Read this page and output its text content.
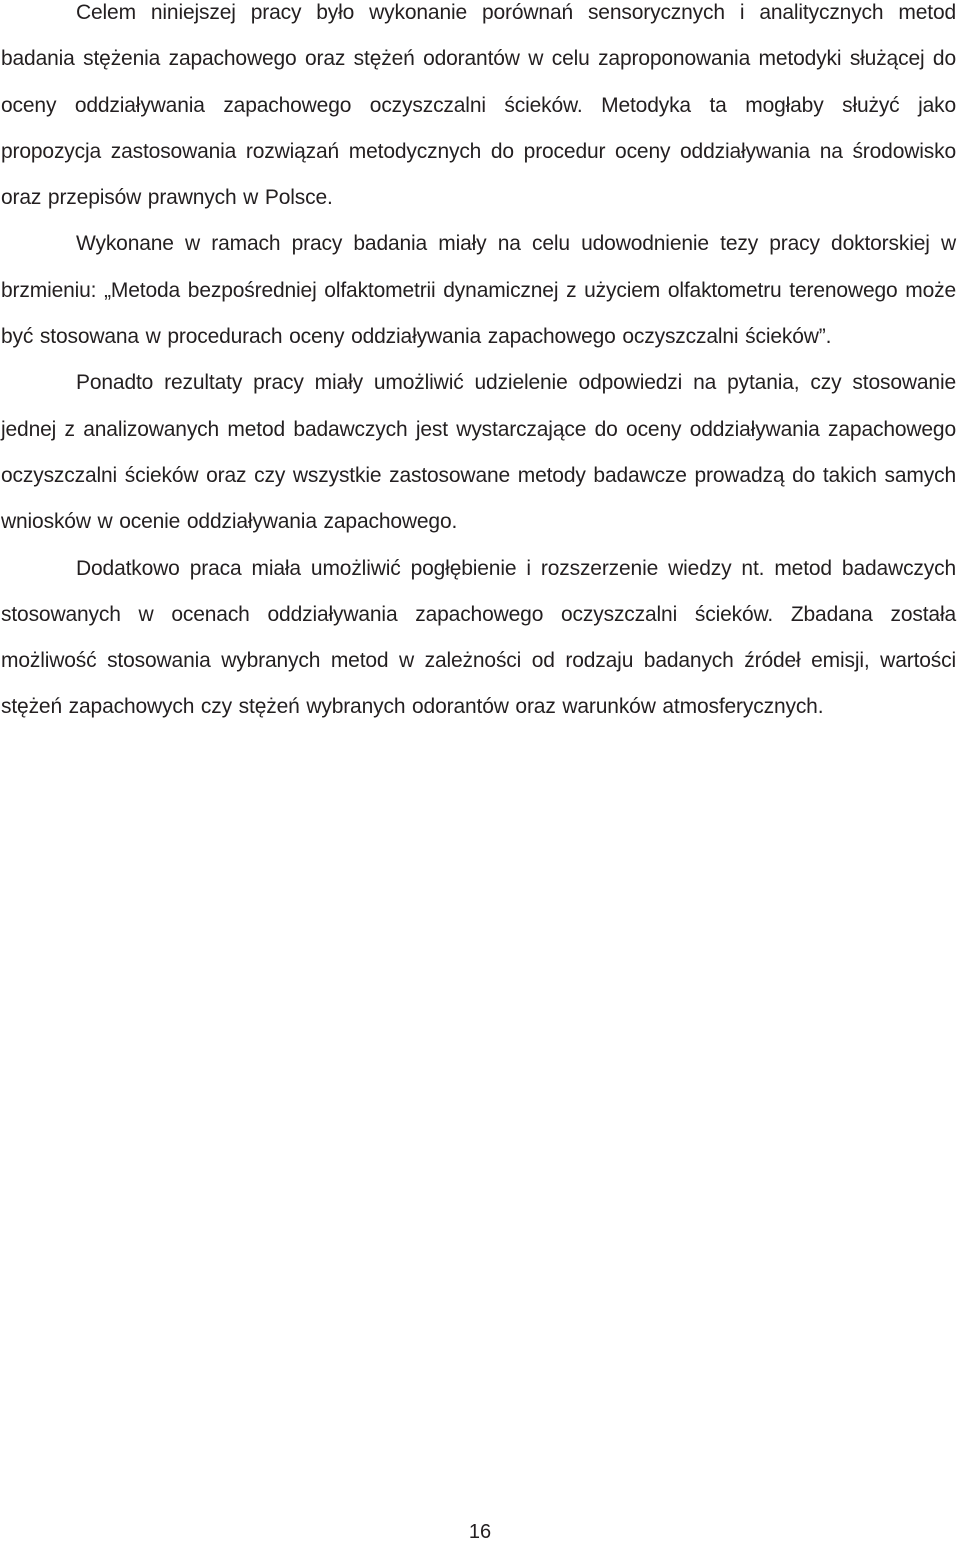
Celem niniejszej pracy było wykonanie porównań sensorycznych i analitycznych metod badania stężenia zapachowego oraz stężeń odorantów w celu zaproponowania metodyki służącej do oceny oddziaływania zapachowego oczyszczalni ścieków. Metodyka ta mogłaby służyć jako propozycja zastosowania rozwiązań metodycznych do procedur oceny oddziaływania na środowisko oraz przepisów prawnych w Polsce.

Wykonane w ramach pracy badania miały na celu udowodnienie tezy pracy doktorskiej w brzmieniu: „Metoda bezpośredniej olfaktometrii dynamicznej z użyciem olfaktometru terenowego może być stosowana w procedurach oceny oddziaływania zapachowego oczyszczalni ścieków”.

Ponadto rezultaty pracy miały umożliwić udzielenie odpowiedzi na pytania, czy stosowanie jednej z analizowanych metod badawczych jest wystarczające do oceny oddziaływania zapachowego oczyszczalni ścieków oraz czy wszystkie zastosowane metody badawcze prowadzą do takich samych wniosków w ocenie oddziaływania zapachowego.

Dodatkowo praca miała umożliwić pogłębienie i rozszerzenie wiedzy nt. metod badawczych stosowanych w ocenach oddziaływania zapachowego oczyszczalni ścieków. Zbadana została możliwość stosowania wybranych metod w zależności od rodzaju badanych źródeł emisji, wartości stężeń zapachowych czy stężeń wybranych odorantów oraz warunków atmosferycznych.

16
